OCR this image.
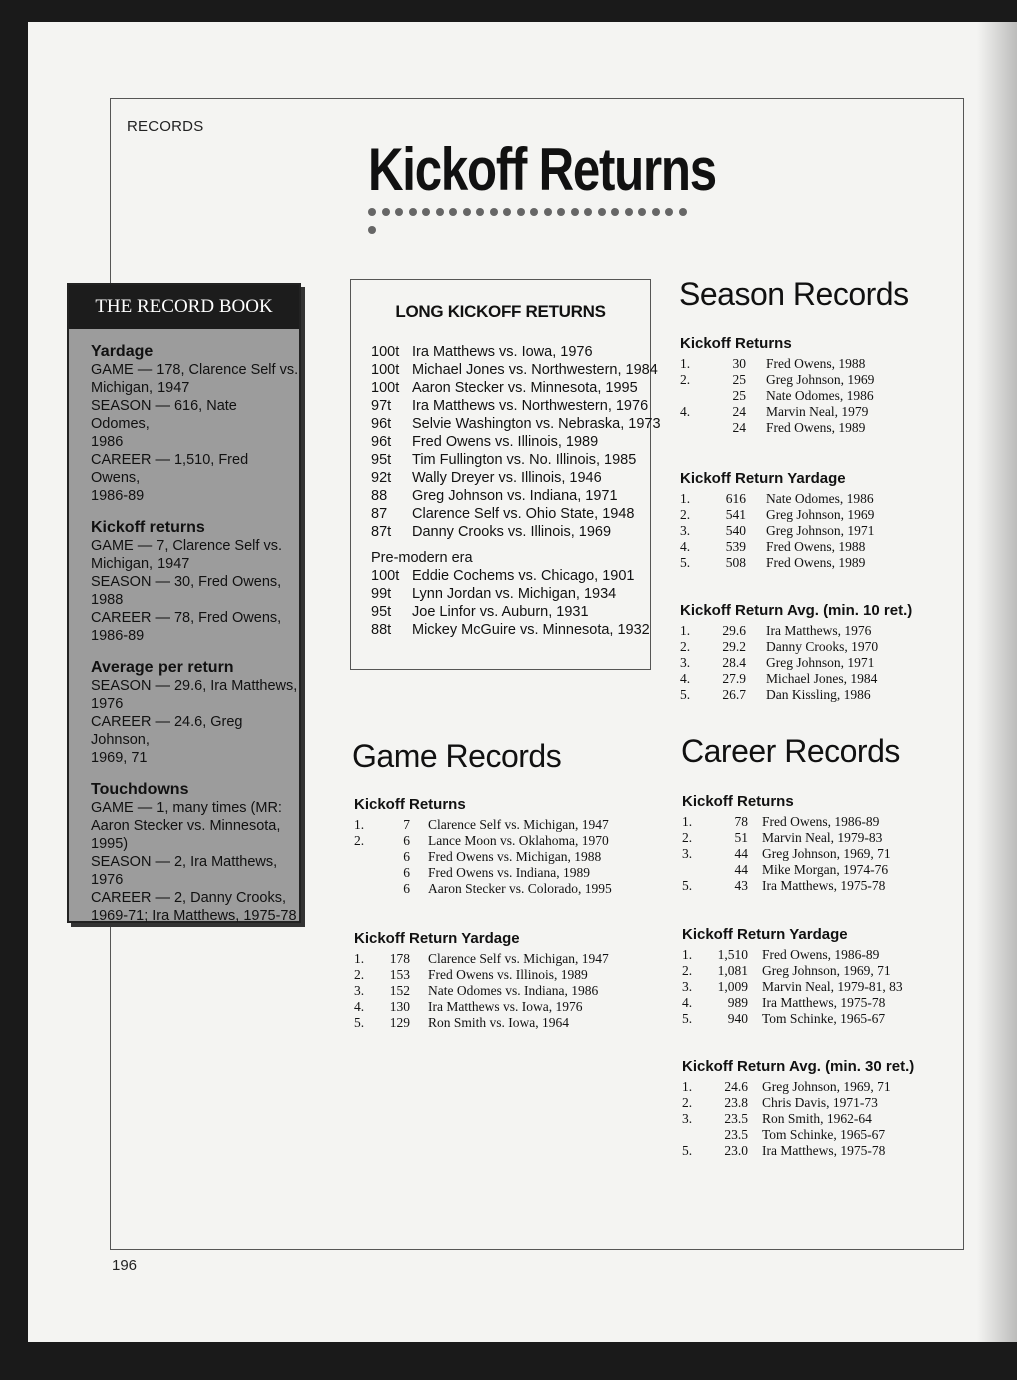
RECORDS
Kickoff Returns
196
THE RECORD BOOK
Yardage
GAME — 178, Clarence Self vs.
Michigan, 1947
SEASON — 616, Nate Odomes,
1986
CAREER — 1,510, Fred Owens,
1986-89
Kickoff returns
GAME — 7, Clarence Self vs.
Michigan, 1947
SEASON — 30, Fred Owens,
1988
CAREER — 78, Fred Owens,
1986-89
Average per return
SEASON — 29.6, Ira Matthews,
1976
CAREER — 24.6, Greg Johnson,
1969, 71
Touchdowns
GAME — 1, many times (MR:
Aaron Stecker vs. Minnesota,
1995)
SEASON — 2, Ira Matthews,
1976
CAREER — 2, Danny Crooks,
1969-71; Ira Matthews, 1975-78
LONG KICKOFF RETURNS
100t Ira Matthews vs. Iowa, 1976
100t Michael Jones vs. Northwestern, 1984
100t Aaron Stecker vs. Minnesota, 1995
97t Ira Matthews vs. Northwestern, 1976
96t Selvie Washington vs. Nebraska, 1973
96t Fred Owens vs. Illinois, 1989
95t Tim Fullington vs. No. Illinois, 1985
92t Wally Dreyer vs. Illinois, 1946
88 Greg Johnson vs. Indiana, 1971
87 Clarence Self vs. Ohio State, 1948
87t Danny Crooks vs. Illinois, 1969
Pre-modern era
100t Eddie Cochems vs. Chicago, 1901
99t Lynn Jordan vs. Michigan, 1934
95t Joe Linfor vs. Auburn, 1931
88t Mickey McGuire vs. Minnesota, 1932
Game Records
Season Records
Career Records
Kickoff Returns
1.	7 Clarence Self vs. Michigan, 1947
2.	6 Lance Moon vs. Oklahoma, 1970
6 Fred Owens vs. Michigan, 1988
6 Fred Owens vs. Indiana, 1989
6 Aaron Stecker vs. Colorado, 1995
Kickoff Return Yardage
1.	178 Clarence Self vs. Michigan, 1947
2.	153 Fred Owens vs. Illinois, 1989
3.	152 Nate Odomes vs. Indiana, 1986
4.	130 Ira Matthews vs. Iowa, 1976
5.	129 Ron Smith vs. Iowa, 1964
Kickoff Returns
1.	30 Fred Owens, 1988
2.	25 Greg Johnson, 1969
25 Nate Odomes, 1986
4.	24 Marvin Neal, 1979
24 Fred Owens, 1989
Kickoff Return Yardage
1.	616 Nate Odomes, 1986
2.	541 Greg Johnson, 1969
3.	540 Greg Johnson, 1971
4.	539 Fred Owens, 1988
5.	508 Fred Owens, 1989
Kickoff Return Avg. (min. 10 ret.)
1.	29.6 Ira Matthews, 1976
2.	29.2 Danny Crooks, 1970
3.	28.4 Greg Johnson, 1971
4.	27.9 Michael Jones, 1984
5.	26.7 Dan Kissling, 1986
Kickoff Returns
1.	78 Fred Owens, 1986-89
2.	51 Marvin Neal, 1979-83
3.	44 Greg Johnson, 1969, 71
44 Mike Morgan, 1974-76
5.	43 Ira Matthews, 1975-78
Kickoff Return Yardage
1.	1,510 Fred Owens, 1986-89
2.	1,081 Greg Johnson, 1969, 71
3.	1,009 Marvin Neal, 1979-81, 83
4.	989 Ira Matthews, 1975-78
5.	940 Tom Schinke, 1965-67
Kickoff Return Avg. (min. 30 ret.)
1.	24.6 Greg Johnson, 1969, 71
2.	23.8 Chris Davis, 1971-73
3.	23.5 Ron Smith, 1962-64
23.5 Tom Schinke, 1965-67
5.	23.0 Ira Matthews, 1975-78
